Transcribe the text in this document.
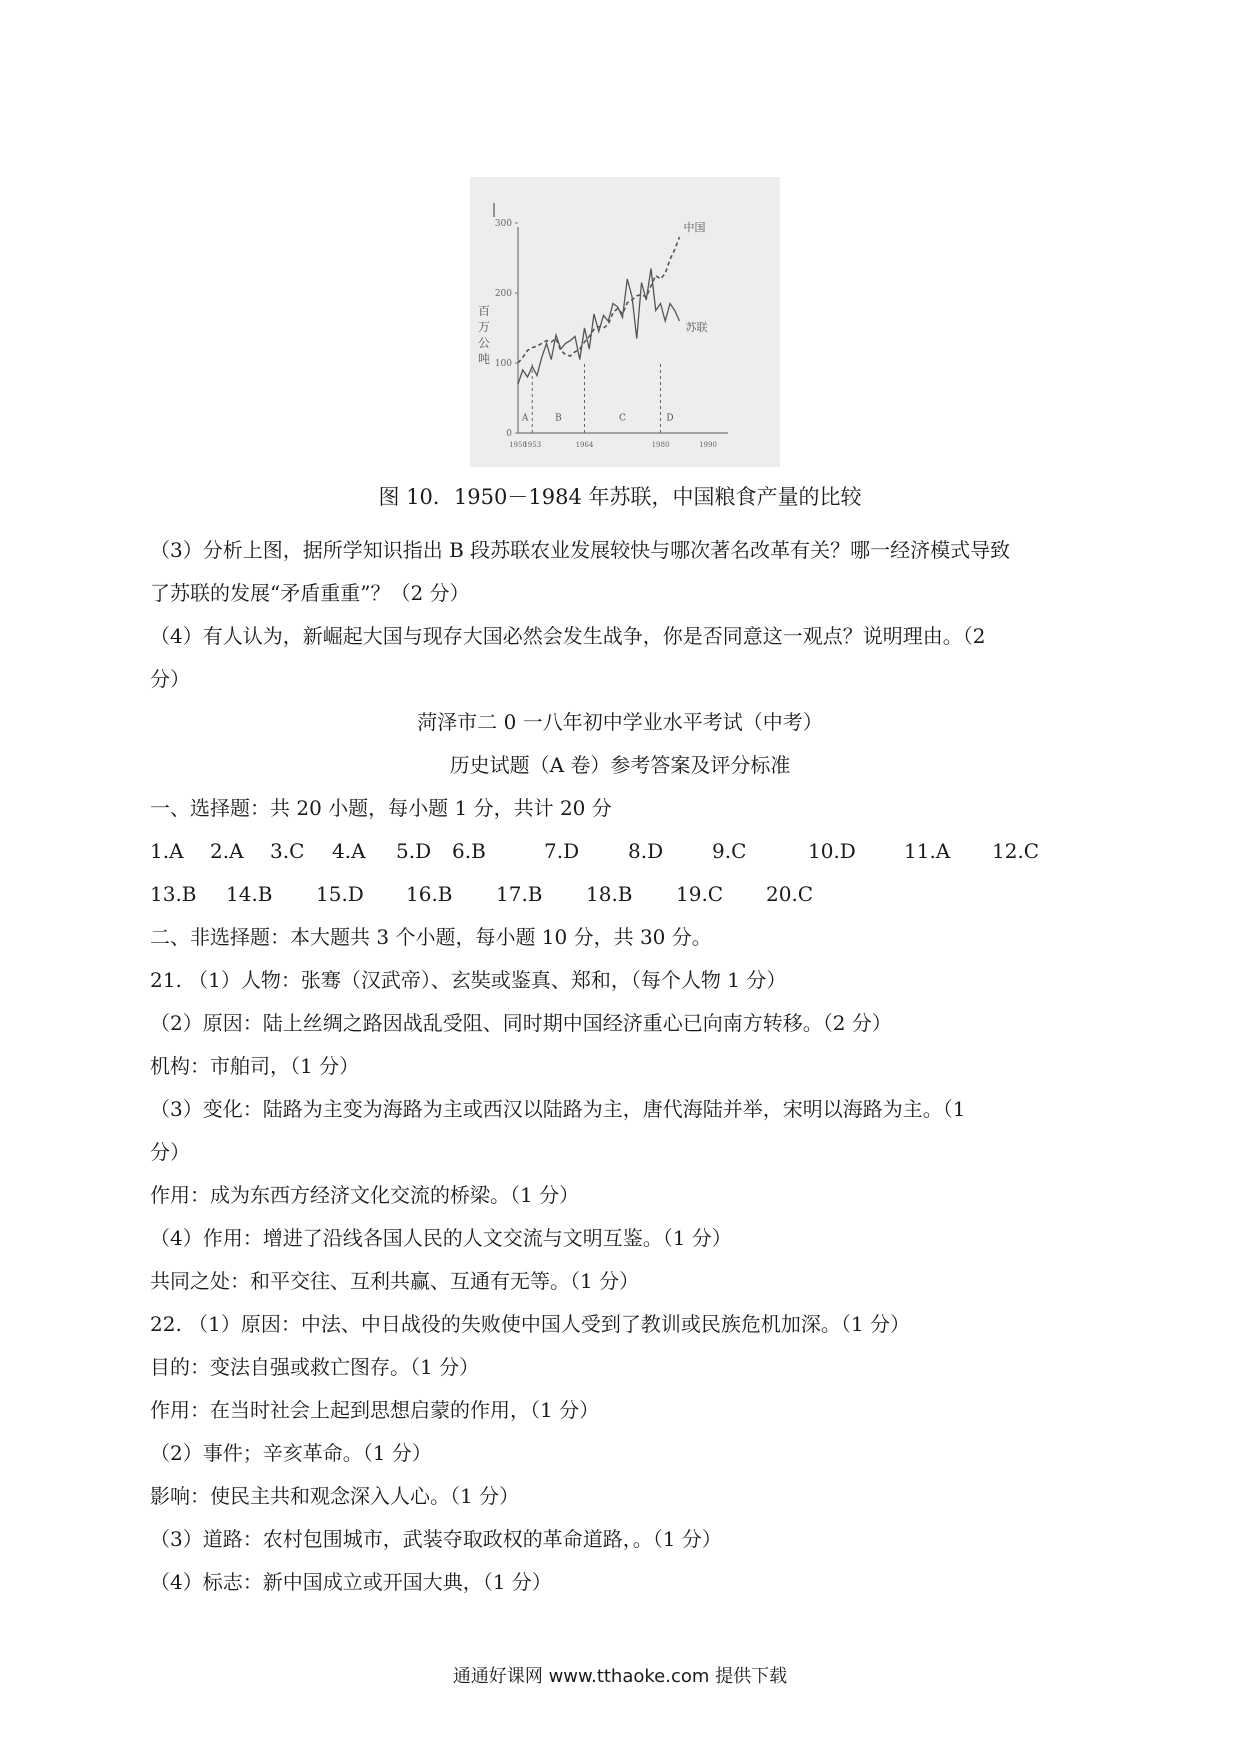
0
100
200
300
1950
1953	1964	1980	1990
百
万
公
吨
A	B	C	D
中国
苏联
图 10．1950－1984 年苏联，中国粮食产量的比较
（3）分析上图，据所学知识指出 B 段苏联农业发展较快与哪次著名改革有关？哪一经济模式导致
了苏联的发展“矛盾重重”？（2 分）
（4）有人认为，新崛起大国与现存大国必然会发生战争，你是否同意这一观点？说明理由。（2
分）
菏泽市二 0 一八年初中学业水平考试（中考）
历史试题（A 卷）参考答案及评分标准
一、选择题：共 20 小题，每小题 1 分，共计 20 分
1.A	2.A	3.C	4.A	5.D	6.B	7.D	8.D	9.C	10.D	11.A	12.C
13.B	14.B	15.D	16.B	17.B	18.B	19.C	20.C
二、非选择题：本大题共 3 个小题，每小题 10 分，共 30 分。
21. （1）人物：张骞（汉武帝）、玄奘或鉴真、郑和，（每个人物 1 分）
（2）原因：陆上丝绸之路因战乱受阻、同时期中国经济重心已向南方转移。（2 分）
机构：市舶司，（1 分）
（3）变化：陆路为主变为海路为主或西汉以陆路为主，唐代海陆并举，宋明以海路为主。（1
分）
作用：成为东西方经济文化交流的桥梁。（1 分）
（4）作用：增进了沿线各国人民的人文交流与文明互鉴。（1 分）
共同之处：和平交往、互利共赢、互通有无等。（1 分）
22. （1）原因：中法、中日战役的失败使中国人受到了教训或民族危机加深。（1 分）
目的：变法自强或救亡图存。（1 分）
作用：在当时社会上起到思想启蒙的作用，（1 分）
（2）事件；辛亥革命。（1 分）
影响：使民主共和观念深入人心。（1 分）
（3）道路：农村包围城市，武装夺取政权的革命道路，。（1 分）
（4）标志：新中国成立或开国大典，（1 分）
通通好课网 www.tthaoke.com 提供下载
